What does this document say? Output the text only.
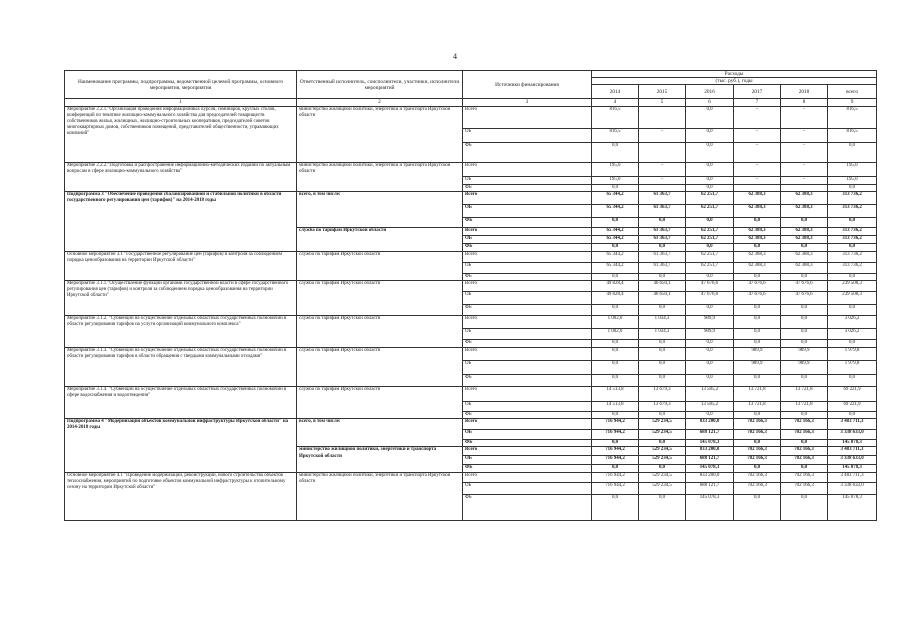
4
Наименование программы, подпрограммы, ведомственной целевой программы, основного мероприятия, мероприятия	Ответственный исполнитель, соисполнители, участники, исполнители мероприятий	Источники финансирования	Расходы					
			(тыс. руб.), годы					
			2014	2015	2016	2017	2018	всего
1	2	3	4	5	6	7	8	9
Мероприятие 2.2.1."Организация проведения информационных курсов, семинаров, круглых столов, конференций по тематике жилищно-коммунального хозяйства для председателей товариществ собственников жилья, жилищных, жилищно-строительных кооперативов, председателей советов многоквартирных домов, собственников помещений, представителей общественности, управляющих компаний"	министерство жилищной политики, энергетики и транспорта Иркутской области	Всего	816,5		0,0	–	–	816,5
		ОБ	816,5	–	0,0	–	–	816,5
		ФБ	0,0		0,0	–	–	0,0
Мероприятие 2.2.2."Подготовка и распространение информационно-методических изданий по актуальным вопросам в сфере жилищно-коммунального хозяйства"	министерство жилищной политики, энергетики и транспорта Иркутской области	Всего	195,0	–	0,0	–	–	195,0
		ОБ	195,0	–	0,0	–	–	195,0
		ФБ	0,0		0,0			0,0
Подпрограмма 3 "Обеспечение проведения сбалансированной и стабильной политики в области государственного регулирования цен (тарифов)" на 2014-2018 годы	всего, в том числе:	Всего	65 344,2	61 363,7	62 251,7	62 388,3	62 388,3	313 736,2
		ОБ	65 344,2	61 363,7	62 251,7	62 388,3	62 388,3	313 736,2
		ФБ	0,0	0,0	0,0	0,0	0,0	0,0
	служба по тарифам Иркутской области	Всего	65 344,2	61 363,7	62 251,7	62 388,3	62 388,3	313 736,2
		ОБ	65 344,2	61 363,7	62 251,7	62 388,3	62 388,3	313 736,2
		ФБ	0,0	0,0	0,0	0,0	0,0	0,0
Основное мероприятие 3.1 "Государственное регулирование цен (тарифов) и контроля за соблюдением порядка ценообразования на территории Иркутской области"	служба по тарифам Иркутской области	Всего	65 344,2	61 363,7	62 251,7	62 388,3	62 388,3	313 736,2
		ОБ	65 344,2	61 363,7	62 251,7	62 388,3	62 388,3	313 736,2
		ФБ	0,0	0,0	0,0	0,0	0,0	0,0
Мероприятие 3.1.1."Осуществление функций органами государственной власти в сфере государственного регулирования цен (тарифов) и контроля за соблюдением порядка ценообразования на территории Иркутской области"	служба по тарифам Иркутской области	Всего	49 828,4	46 650,1	47 676,6	47 676,6	47 676,6	239 508,3
		ОБ	49 828,4	46 650,1	47 676,6	47 676,6	47 676,6	239 508,3
		ФБ	0,0	0,0	0,0	0,0	0,0	0,0
Мероприятие 3.1.2. "Субвенции на осуществление отдельных областных государственных полномочий в области регулирования тарифов на услуги организаций коммунального комплекса"	служба по тарифам Иркутской области	Всего	1 002,0	1 034,3	989,9	0,0	0,0	3 026,2
		ОБ	1 002,0	1 034,3	989,9	0,0	0,0	3 026,2
		ФБ	0,0	0,0	0,0	0,0	0,0	0,0
Мероприятие 3.1.3. "Субвенции на осуществление отдельных областных государственных полномочий в области регулирования тарифов в области обращения с твердыми коммунальными отходами"	служба по тарифам Иркутской области	Всего	0,0	0,0	0,0	989,9	989,9	1 979,8
		ОБ	0,0	0,0	0,0	989,9	989,9	1 979,8
		ФБ	0,0	0,0	0,0	0,0	0,0	0,0
Мероприятие 3.1.4. "Субвенции на осуществление отдельных областных государственных полномочий в сфере водоснабжения и водоотведения"	служба по тарифам Иркутской области	Всего	14 513,8	13 679,3	13 585,2	13 721,8	13 721,8	69 221,9
		ОБ	14 513,8	13 679,3	13 585,2	13 721,8	13 721,8	69 221,9
		ФБ	0,0	0,0	0,0	0,0	0,0	0,0
Подпрограмма 4 "Модернизация объектов коммунальной инфраструктуры Иркутской области" на 2014-2018 годы	всего, в том числе:	Всего	716 944,2	529 234,5	833 200,0	702 166,3	702 166,3	3 483 711,3
		ОБ	716 944,2	529 234,5	688 121,7	702 166,3	702 166,3	3 338 633,0
		ФБ	0,0	0,0	145 078,3	0,0	0,0	145 078,3
	министерство жилищной политики, энергетики и транспорта Иркутской области	Всего	716 944,2	529 234,5	833 200,0	702 166,3	702 166,3	3 483 711,3
		ОБ	716 944,2	529 234,5	688 121,7	702 166,3	702 166,3	3 338 633,0
		ФБ	0,0	0,0	145 078,3	0,0	0,0	145 078,3
Основное мероприятие 4.1 "Проведение модернизации, реконструкции, нового строительства объектов теплоснабжения, мероприятий по подготовке объектов коммунальной инфраструктуры к отопительному сезону на территории Иркутской области"	министерство жилищной политики, энергетики и транспорта Иркутской области	Всего	716 944,2	529 234,5	833 200,0	702 166,3	702 166,3	3 483 711,3
		ОБ	716 944,2	529 234,5	688 121,7	702 166,3	702 166,3	3 338 633,0
		ФБ	0,0	0,0	145 078,3	0,0	0,0	145 078,3
